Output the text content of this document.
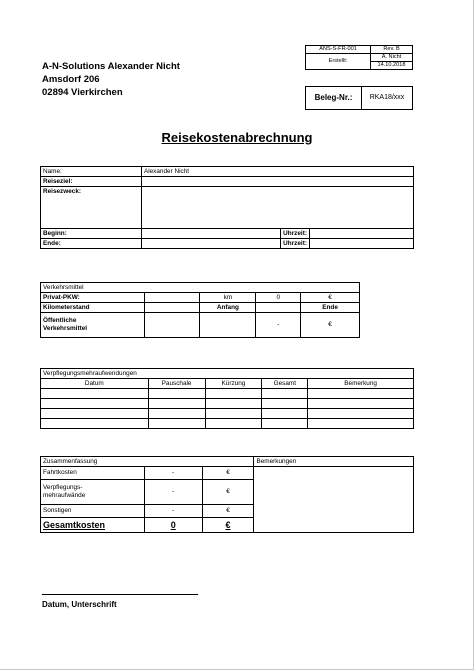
A-N-Solutions Alexander Nicht
Amsdorf 206
02894 Vierkirchen
ANS-S-FR-001	Rev. B
Erstellt:	A. Nicht
	14.10.2018
Beleg-Nr.:	RKA18/xxx
Reisekostenabrechnung
Name:	Alexander Nicht		
Reiseziel:			
Reisezweck:			
Beginn:		Uhrzeit:	
Ende:		Uhrzeit:	
Verkehrsmittel				
Privat-PKW:		km	0	€
Kilometerstand		Anfang		Ende

Öffentliche
Verkehrsmittel			-	€
Verpflegungsmehraufwendungen				
Datum	Pauschale	Kürzung	Gesamt	Bemerkung

Zusammenfassung			Bemerkungen
Fahrtkosten	-	€	
Verpflegungs-
mehraufwände	-	€	
Sonstigen	-	€	
Gesamtkosten	0	€	
Datum, Unterschrift
